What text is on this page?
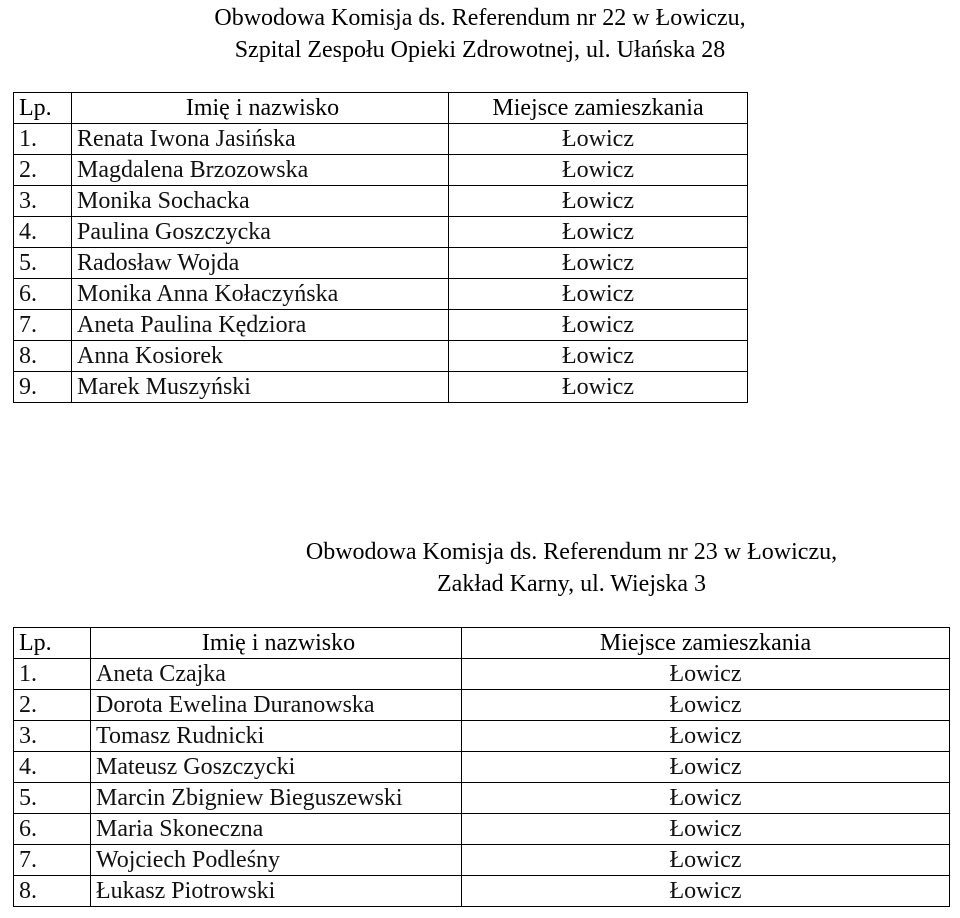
Obwodowa Komisja ds. Referendum nr 22 w Łowiczu,
Szpital Zespołu Opieki Zdrowotnej, ul. Ułańska 28
Lp.	Imię i nazwisko	Miejsce zamieszkania
1.	Renata Iwona Jasińska	Łowicz
2.	Magdalena Brzozowska	Łowicz
3.	Monika Sochacka	Łowicz
4.	Paulina Goszczycka	Łowicz
5.	Radosław Wojda	Łowicz
6.	Monika Anna Kołaczyńska	Łowicz
7.	Aneta Paulina Kędziora	Łowicz
8.	Anna Kosiorek	Łowicz
9.	Marek Muszyński	Łowicz
Obwodowa Komisja ds. Referendum nr 23 w Łowiczu,
Zakład Karny, ul. Wiejska 3
Lp.	Imię i nazwisko	Miejsce zamieszkania
1.	Aneta Czajka	Łowicz
2.	Dorota Ewelina Duranowska	Łowicz
3.	Tomasz Rudnicki	Łowicz
4.	Mateusz Goszczycki	Łowicz
5.	Marcin Zbigniew Bieguszewski	Łowicz
6.	Maria Skoneczna	Łowicz
7.	Wojciech Podleśny	Łowicz
8.	Łukasz Piotrowski	Łowicz
